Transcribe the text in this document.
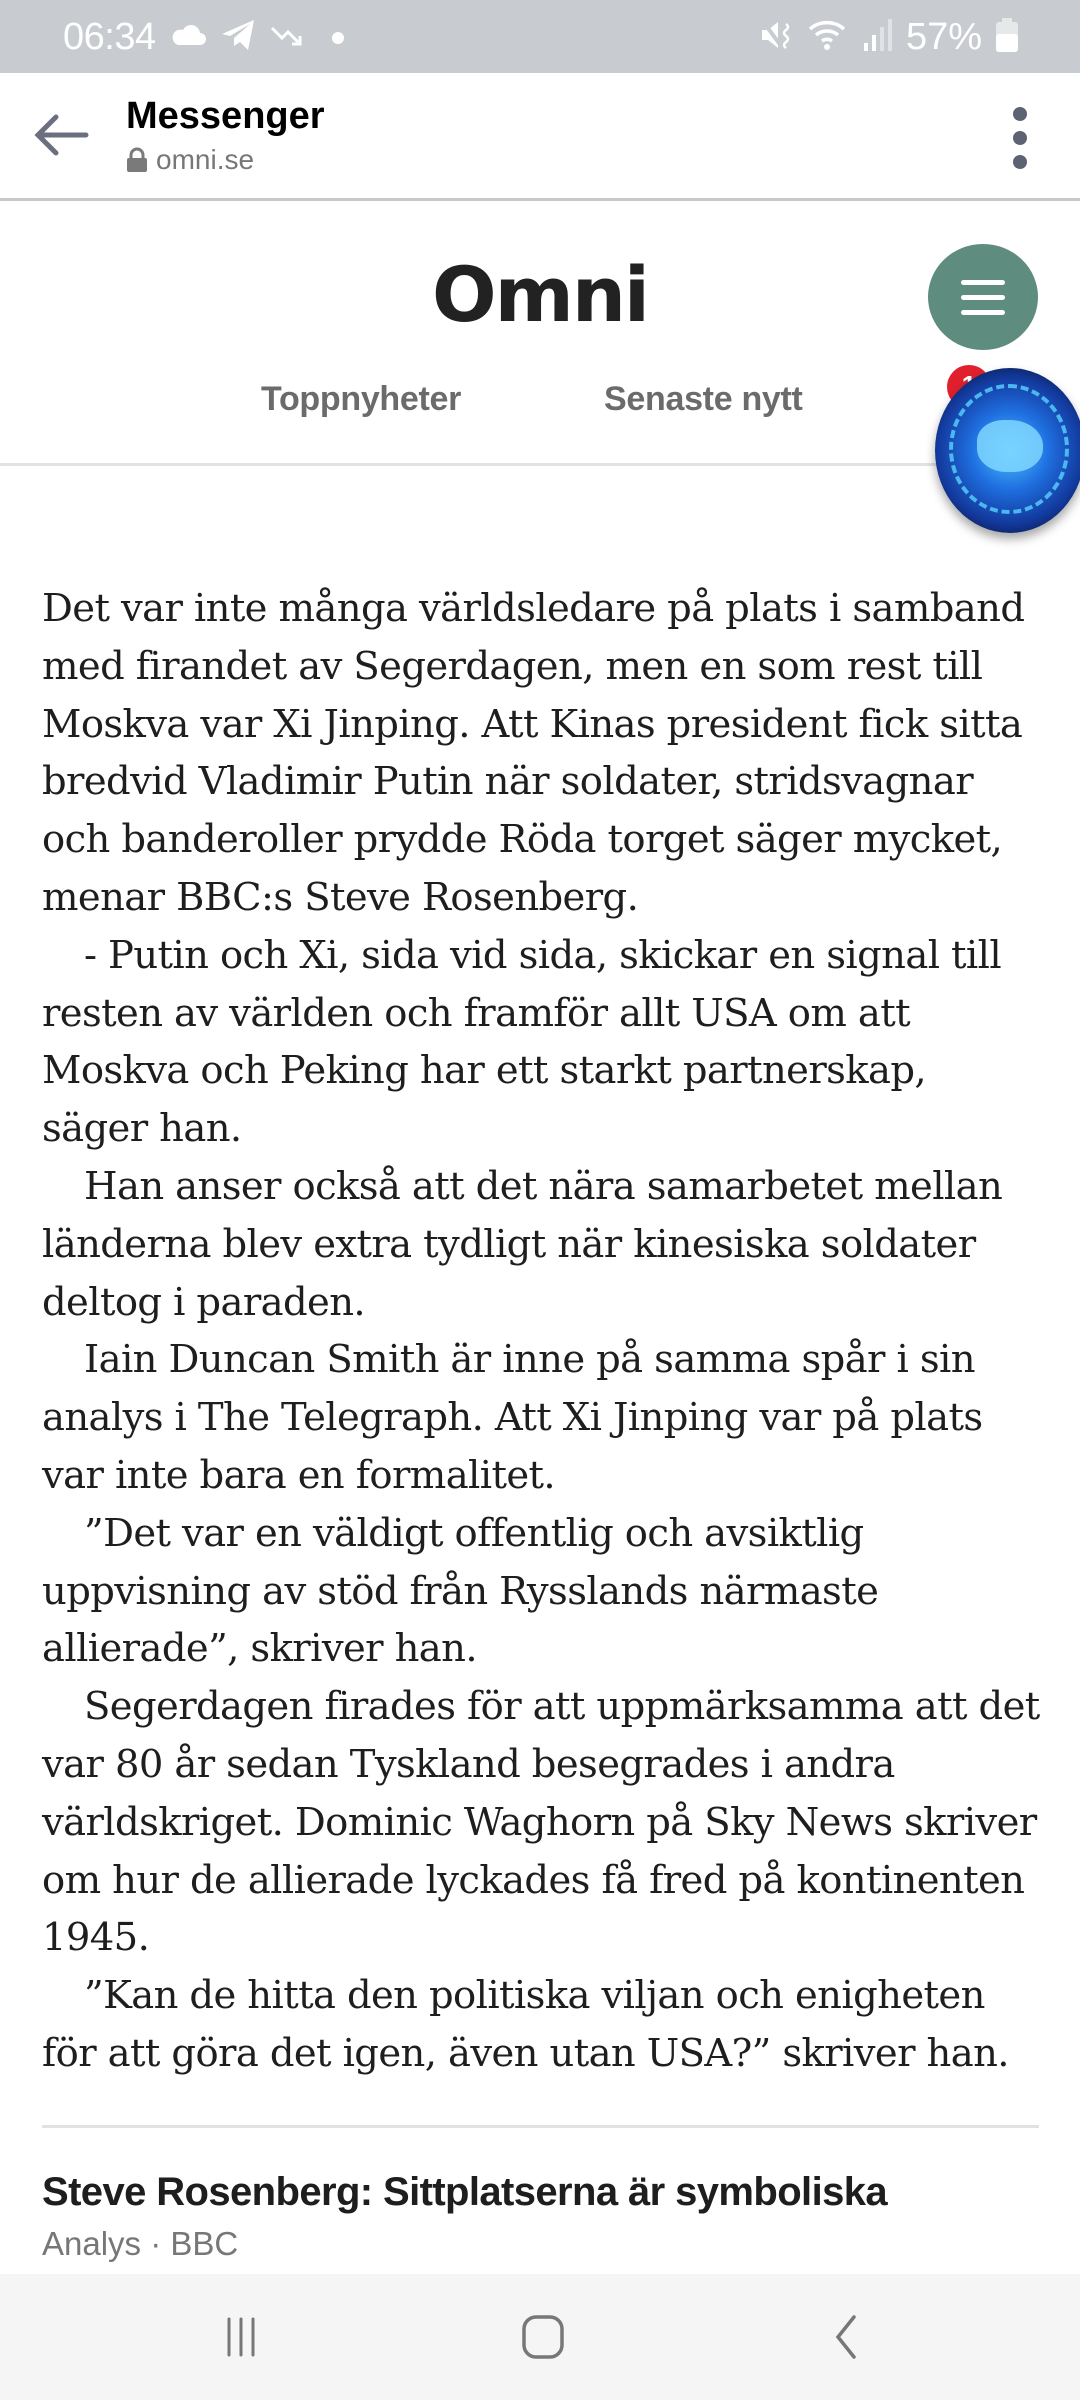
06:34	57%
Messenger
omni.se
Omni
Toppnyheter	Senaste nytt

Det var inte många världsledare på plats i samband med firandet av Segerdagen, men en som rest till Moskva var Xi Jinping. Att Kinas president fick sitta bredvid Vladimir Putin när soldater, stridsvagnar och banderoller prydde Röda torget säger mycket, menar BBC:s Steve Rosenberg.

- Putin och Xi, sida vid sida, skickar en signal till resten av världen och framför allt USA om att Moskva och Peking har ett starkt partnerskap, säger han.

Han anser också att det nära samarbetet mellan länderna blev extra tydligt när kinesiska soldater deltog i paraden.

Iain Duncan Smith är inne på samma spår i sin analys i The Telegraph. Att Xi Jinping var på plats var inte bara en formalitet.

”Det var en väldigt offentlig och avsiktlig uppvisning av stöd från Rysslands närmaste allierade”, skriver han.

Segerdagen firades för att uppmärksamma att det var 80 år sedan Tyskland besegrades i andra världskriget. Dominic Waghorn på Sky News skriver om hur de allierade lyckades få fred på kontinenten 1945.

”Kan de hitta den politiska viljan och enigheten för att göra det igen, även utan USA?” skriver han.

Steve Rosenberg: Sittplatserna är symboliska
Analys · BBC
